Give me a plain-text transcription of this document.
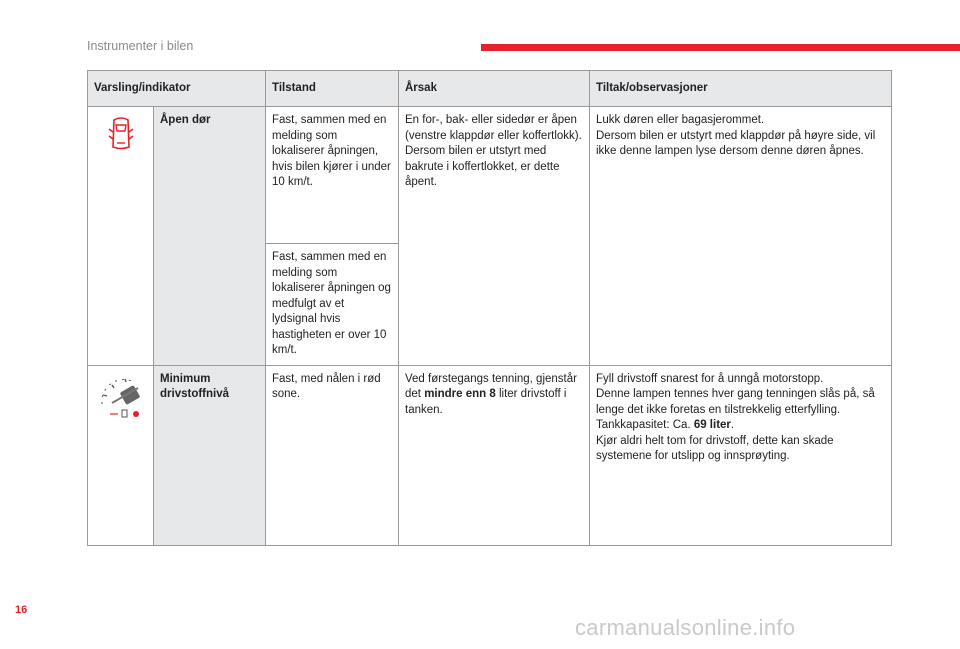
Instrumenter i bilen
Varsling/indikator		Tilstand	Årsak	Tiltak/observasjoner
	Åpen dør	Fast, sammen med en melding som lokaliserer åpningen, hvis bilen kjører i under 10 km/t.	En for-, bak- eller sidedør er åpen (venstre klappdør eller koffertlokk).
Dersom bilen er utstyrt med bakrute i koffertlokket, er dette åpent.	Lukk døren eller bagasjerommet.
Dersom bilen er utstyrt med klappdør på høyre side, vil ikke denne lampen lyse dersom denne døren åpnes.
		Fast, sammen med en melding som lokaliserer åpningen og medfulgt av et lydsignal hvis hastigheten er over 10 km/t.		
	Minimum drivstoffnivå	Fast, med nålen i rød sone.	Ved førstegangs tenning, gjenstår det mindre enn 8 liter drivstoff i tanken.	Fyll drivstoff snarest for å unngå motorstopp.
Denne lampen tennes hver gang tenningen slås på, så lenge det ikke foretas en tilstrekkelig etterfylling.
Tankkapasitet: Ca. 69 liter.
Kjør aldri helt tom for drivstoff, dette kan skade systemene for utslipp og innsprøyting.
16
carmanualsonline.info
